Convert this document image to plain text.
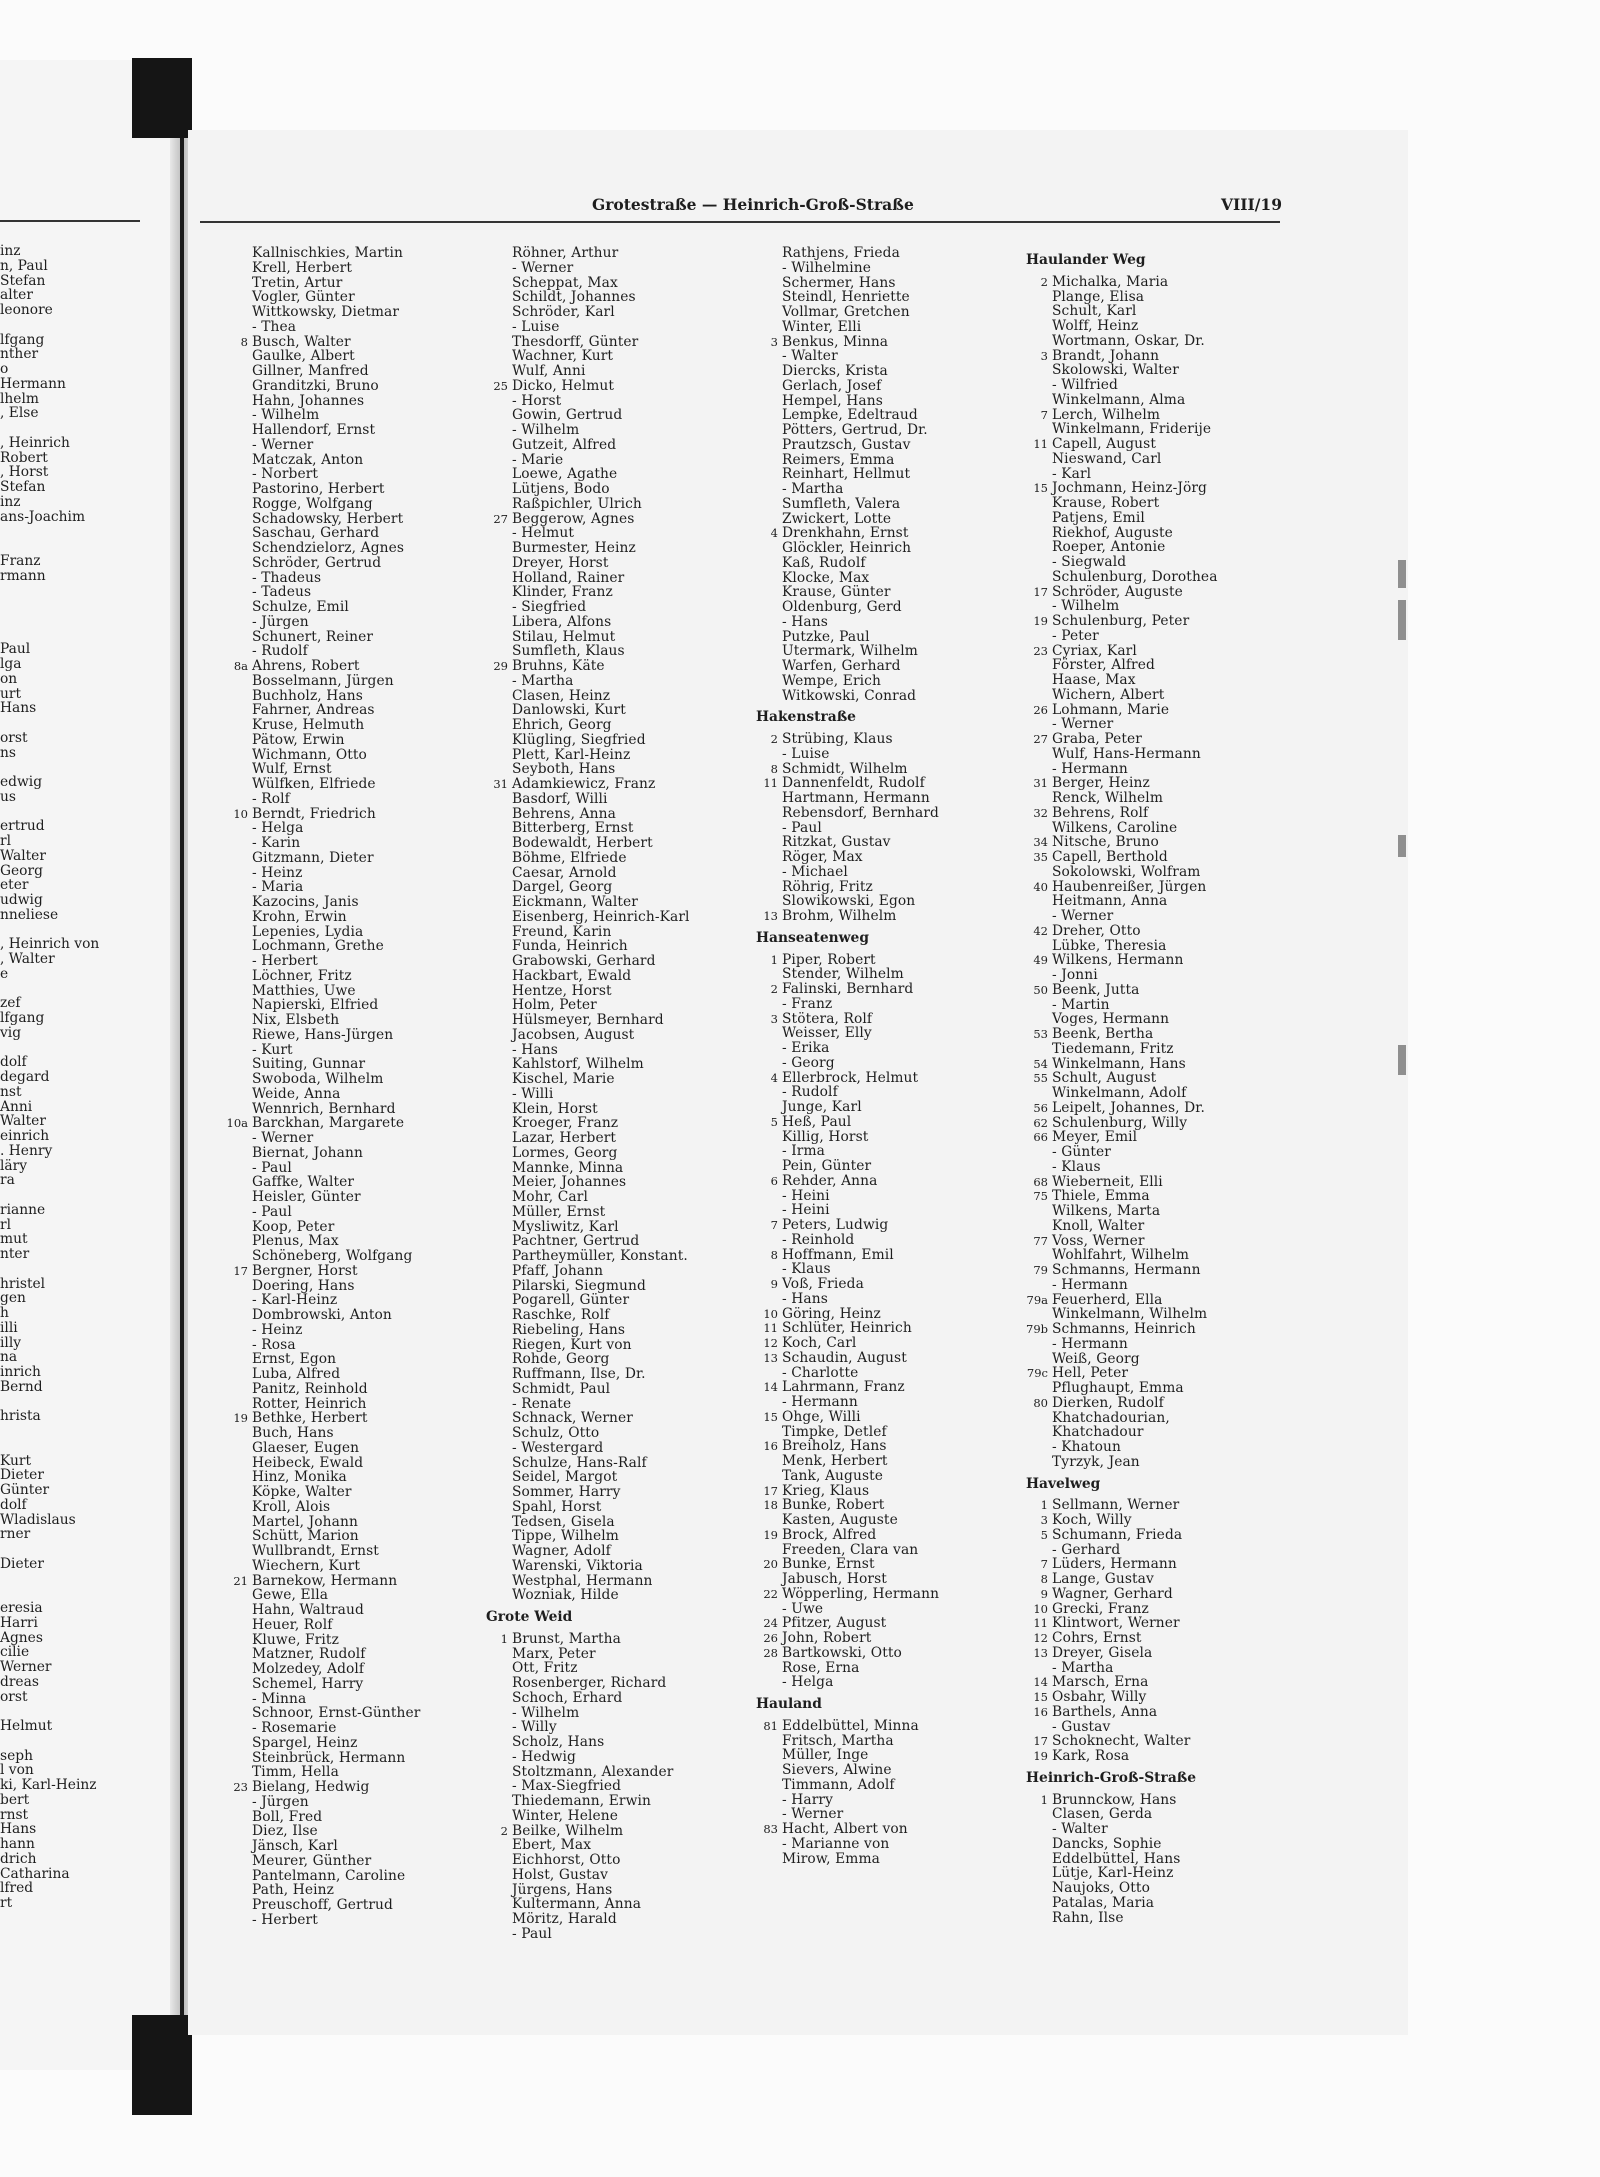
inz
n, Paul
Stefan
alter
leonore
lfgang
nther
o
Hermann
lhelm
, Else
, Heinrich
Robert
, Horst
Stefan
inz
ans-Joachim
Franz
rmann
Paul
lga
on
urt
Hans
orst
ns
edwig
us
ertrud
rl
Walter
Georg
eter
udwig
nneliese
, Heinrich von
, Walter
e
zef
lfgang
vig
dolf
degard
nst
Anni
Walter
einrich
. Henry
läry
ra
rianne
rl
mut
nter
hristel
gen
h
illi
illy
na
inrich
Bernd
hrista
Kurt
Dieter
Günter
dolf
Wladislaus
rner
Dieter
eresia
Harri
Agnes
cilie
Werner
dreas
orst
Helmut
seph
l von
ki, Karl-Heinz
bert
rnst
Hans
hann
drich
Catharina
lfred
rt
Grotestraße — Heinrich-Groß-Straße	VIII/19
Kallnischkies, Martin
Krell, Herbert
Tretin, Artur
Vogler, Günter
Wittkowsky, Dietmar
- Thea
8 Busch, Walter
Gaulke, Albert
Gillner, Manfred
Granditzki, Bruno
Hahn, Johannes
- Wilhelm
Hallendorf, Ernst
- Werner
Matczak, Anton
- Norbert
Pastorino, Herbert
Rogge, Wolfgang
Schadowsky, Herbert
Saschau, Gerhard
Schendzielorz, Agnes
Schröder, Gertrud
- Thadeus
- Tadeus
Schulze, Emil
- Jürgen
Schunert, Reiner
- Rudolf
8a Ahrens, Robert
Bosselmann, Jürgen
Buchholz, Hans
Fahrner, Andreas
Kruse, Helmuth
Pätow, Erwin
Wichmann, Otto
Wulf, Ernst
Wülfken, Elfriede
- Rolf
10 Berndt, Friedrich
- Helga
- Karin
Gitzmann, Dieter
- Heinz
- Maria
Kazocins, Janis
Krohn, Erwin
Lepenies, Lydia
Lochmann, Grethe
- Herbert
Löchner, Fritz
Matthies, Uwe
Napierski, Elfried
Nix, Elsbeth
Riewe, Hans-Jürgen
- Kurt
Suiting, Gunnar
Swoboda, Wilhelm
Weide, Anna
Wennrich, Bernhard
10a Barckhan, Margarete
- Werner
Biernat, Johann
- Paul
Gaffke, Walter
Heisler, Günter
- Paul
Koop, Peter
Plenus, Max
Schöneberg, Wolfgang
17 Bergner, Horst
Doering, Hans
- Karl-Heinz
Dombrowski, Anton
- Heinz
- Rosa
Ernst, Egon
Luba, Alfred
Panitz, Reinhold
Rotter, Heinrich
19 Bethke, Herbert
Buch, Hans
Glaeser, Eugen
Heibeck, Ewald
Hinz, Monika
Köpke, Walter
Kroll, Alois
Martel, Johann
Schütt, Marion
Wullbrandt, Ernst
Wiechern, Kurt
21 Barnekow, Hermann
Gewe, Ella
Hahn, Waltraud
Heuer, Rolf
Kluwe, Fritz
Matzner, Rudolf
Molzedey, Adolf
Schemel, Harry
- Minna
Schnoor, Ernst-Günther
- Rosemarie
Spargel, Heinz
Steinbrück, Hermann
Timm, Hella
23 Bielang, Hedwig
- Jürgen
Boll, Fred
Diez, Ilse
Jänsch, Karl
Meurer, Günther
Pantelmann, Caroline
Path, Heinz
Preuschoff, Gertrud
- Herbert
Röhner, Arthur
- Werner
Scheppat, Max
Schildt, Johannes
Schröder, Karl
- Luise
Thesdorff, Günter
Wachner, Kurt
Wulf, Anni
25 Dicko, Helmut
- Horst
Gowin, Gertrud
- Wilhelm
Gutzeit, Alfred
- Marie
Loewe, Agathe
Lütjens, Bodo
Raßpichler, Ulrich
27 Beggerow, Agnes
- Helmut
Burmester, Heinz
Dreyer, Horst
Holland, Rainer
Klinder, Franz
- Siegfried
Libera, Alfons
Stilau, Helmut
Sumfleth, Klaus
29 Bruhns, Käte
- Martha
Clasen, Heinz
Danlowski, Kurt
Ehrich, Georg
Klügling, Siegfried
Plett, Karl-Heinz
Seyboth, Hans
31 Adamkiewicz, Franz
Basdorf, Willi
Behrens, Anna
Bitterberg, Ernst
Bodewaldt, Herbert
Böhme, Elfriede
Caesar, Arnold
Dargel, Georg
Eickmann, Walter
Eisenberg, Heinrich-Karl
Freund, Karin
Funda, Heinrich
Grabowski, Gerhard
Hackbart, Ewald
Hentze, Horst
Holm, Peter
Hülsmeyer, Bernhard
Jacobsen, August
- Hans
Kahlstorf, Wilhelm
Kischel, Marie
- Willi
Klein, Horst
Kroeger, Franz
Lazar, Herbert
Lormes, Georg
Mannke, Minna
Meier, Johannes
Mohr, Carl
Müller, Ernst
Mysliwitz, Karl
Pachtner, Gertrud
Partheymüller, Konstant.
Pfaff, Johann
Pilarski, Siegmund
Pogarell, Günter
Raschke, Rolf
Riebeling, Hans
Riegen, Kurt von
Rohde, Georg
Ruffmann, Ilse, Dr.
Schmidt, Paul
- Renate
Schnack, Werner
Schulz, Otto
- Westergard
Schulze, Hans-Ralf
Seidel, Margot
Sommer, Harry
Spahl, Horst
Tedsen, Gisela
Tippe, Wilhelm
Wagner, Adolf
Warenski, Viktoria
Westphal, Hermann
Wozniak, Hilde
Grote Weid
1 Brunst, Martha
Marx, Peter
Ott, Fritz
Rosenberger, Richard
Schoch, Erhard
- Wilhelm
- Willy
Scholz, Hans
- Hedwig
Stoltzmann, Alexander
- Max-Siegfried
Thiedemann, Erwin
Winter, Helene
2 Beilke, Wilhelm
Ebert, Max
Eichhorst, Otto
Holst, Gustav
Jürgens, Hans
Kultermann, Anna
Möritz, Harald
- Paul
Rathjens, Frieda
- Wilhelmine
Schermer, Hans
Steindl, Henriette
Vollmar, Gretchen
Winter, Elli
3 Benkus, Minna
- Walter
Diercks, Krista
Gerlach, Josef
Hempel, Hans
Lempke, Edeltraud
Pötters, Gertrud, Dr.
Prautzsch, Gustav
Reimers, Emma
Reinhart, Hellmut
- Martha
Sumfleth, Valera
Zwickert, Lotte
4 Drenkhahn, Ernst
Glöckler, Heinrich
Kaß, Rudolf
Klocke, Max
Krause, Günter
Oldenburg, Gerd
- Hans
Putzke, Paul
Utermark, Wilhelm
Warfen, Gerhard
Wempe, Erich
Witkowski, Conrad
Hakenstraße
2 Strübing, Klaus
- Luise
8 Schmidt, Wilhelm
11 Dannenfeldt, Rudolf
Hartmann, Hermann
Rebensdorf, Bernhard
- Paul
Ritzkat, Gustav
Röger, Max
- Michael
Röhrig, Fritz
Slowikowski, Egon
13 Brohm, Wilhelm
Hanseatenweg
1 Piper, Robert
Stender, Wilhelm
2 Falinski, Bernhard
- Franz
3 Stötera, Rolf
Weisser, Elly
- Erika
- Georg
4 Ellerbrock, Helmut
- Rudolf
Junge, Karl
5 Heß, Paul
Killig, Horst
- Irma
Pein, Günter
6 Rehder, Anna
- Heini
- Heini
7 Peters, Ludwig
- Reinhold
8 Hoffmann, Emil
- Klaus
9 Voß, Frieda
- Hans
10 Göring, Heinz
11 Schlüter, Heinrich
12 Koch, Carl
13 Schaudin, August
- Charlotte
14 Lahrmann, Franz
- Hermann
15 Ohge, Willi
Timpke, Detlef
16 Breiholz, Hans
Menk, Herbert
Tank, Auguste
17 Krieg, Klaus
18 Bunke, Robert
Kasten, Auguste
19 Brock, Alfred
Freeden, Clara van
20 Bunke, Ernst
Jabusch, Horst
22 Wöpperling, Hermann
- Uwe
24 Pfitzer, August
26 John, Robert
28 Bartkowski, Otto
Rose, Erna
- Helga
Hauland
81 Eddelbüttel, Minna
Fritsch, Martha
Müller, Inge
Sievers, Alwine
Timmann, Adolf
- Harry
- Werner
83 Hacht, Albert von
- Marianne von
Mirow, Emma
Haulander Weg
2 Michalka, Maria
Plange, Elisa
Schult, Karl
Wolff, Heinz
Wortmann, Oskar, Dr.
3 Brandt, Johann
Skolowski, Walter
- Wilfried
Winkelmann, Alma
7 Lerch, Wilhelm
Winkelmann, Friderije
11 Capell, August
Nieswand, Carl
- Karl
15 Jochmann, Heinz-Jörg
Krause, Robert
Patjens, Emil
Riekhof, Auguste
Roeper, Antonie
- Siegwald
Schulenburg, Dorothea
17 Schröder, Auguste
- Wilhelm
19 Schulenburg, Peter
- Peter
23 Cyriax, Karl
Förster, Alfred
Haase, Max
Wichern, Albert
26 Lohmann, Marie
- Werner
27 Graba, Peter
Wulf, Hans-Hermann
- Hermann
31 Berger, Heinz
Renck, Wilhelm
32 Behrens, Rolf
Wilkens, Caroline
34 Nitsche, Bruno
35 Capell, Berthold
Sokolowski, Wolfram
40 Haubenreißer, Jürgen
Heitmann, Anna
- Werner
42 Dreher, Otto
Lübke, Theresia
49 Wilkens, Hermann
- Jonni
50 Beenk, Jutta
- Martin
Voges, Hermann
53 Beenk, Bertha
Tiedemann, Fritz
54 Winkelmann, Hans
55 Schult, August
Winkelmann, Adolf
56 Leipelt, Johannes, Dr.
62 Schulenburg, Willy
66 Meyer, Emil
- Günter
- Klaus
68 Wieberneit, Elli
75 Thiele, Emma
Wilkens, Marta
Knoll, Walter
77 Voss, Werner
Wohlfahrt, Wilhelm
79 Schmanns, Hermann
- Hermann
79a Feuerherd, Ella
Winkelmann, Wilhelm
79b Schmanns, Heinrich
- Hermann
Weiß, Georg
79c Hell, Peter
Pflughaupt, Emma
80 Dierken, Rudolf
Khatchadourian,
Khatchadour
- Khatoun
Tyrzyk, Jean
Havelweg
1 Sellmann, Werner
3 Koch, Willy
5 Schumann, Frieda
- Gerhard
7 Lüders, Hermann
8 Lange, Gustav
9 Wagner, Gerhard
10 Grecki, Franz
11 Klintwort, Werner
12 Cohrs, Ernst
13 Dreyer, Gisela
- Martha
14 Marsch, Erna
15 Osbahr, Willy
16 Barthels, Anna
- Gustav
17 Schoknecht, Walter
19 Kark, Rosa
Heinrich-Groß-Straße
1 Brunnckow, Hans
Clasen, Gerda
- Walter
Dancks, Sophie
Eddelbüttel, Hans
Lütje, Karl-Heinz
Naujoks, Otto
Patalas, Maria
Rahn, Ilse
